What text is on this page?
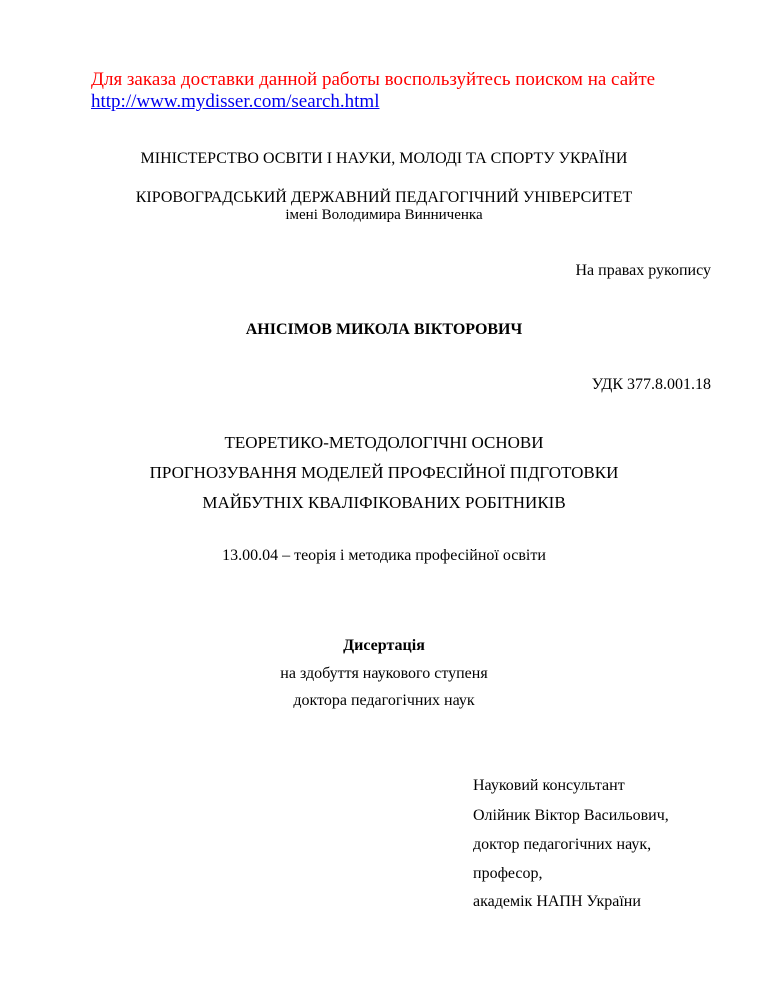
Для заказа доставки данной работы воспользуйтесь поиском на сайте
http://www.mydisser.com/search.html
МІНІСТЕРСТВО ОСВІТИ І НАУКИ, МОЛОДІ ТА СПОРТУ УКРАЇНИ
КІРОВОГРАДСЬКИЙ ДЕРЖАВНИЙ ПЕДАГОГІЧНИЙ УНІВЕРСИТЕТ
імені Володимира Винниченка
На правах рукопису
АНІСІМОВ МИКОЛА ВІКТОРОВИЧ
УДК 377.8.001.18
ТЕОРЕТИКО-МЕТОДОЛОГІЧНІ ОСНОВИ
ПРОГНОЗУВАННЯ МОДЕЛЕЙ ПРОФЕСІЙНОЇ ПІДГОТОВКИ
МАЙБУТНІХ КВАЛІФІКОВАНИХ РОБІТНИКІВ
13.00.04 – теорія і методика професійної освіти
Дисертація
на здобуття наукового ступеня
доктора педагогічних наук
Науковий консультант
Олійник Віктор Васильович,
доктор педагогічних наук,
професор,
академік НАПН України
